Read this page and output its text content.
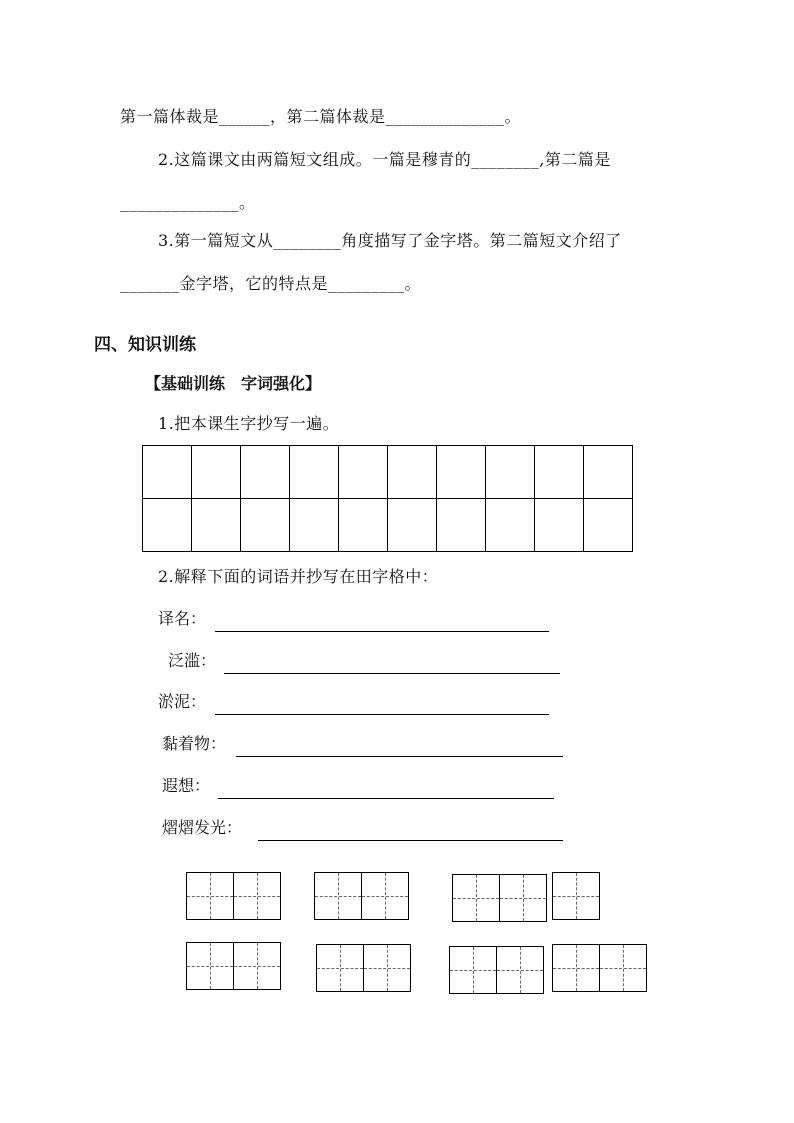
第一篇体裁是______，第二篇体裁是______________。
2.这篇课文由两篇短文组成。一篇是穆青的________,第二篇是
______________。
3.第一篇短文从________角度描写了金字塔。第二篇短文介绍了
_______金字塔，它的特点是_________。
四、知识训练
【基础训练　字词强化】
1.把本课生字抄写一遍。

2.解释下面的词语并抄写在田字格中：
译名：
泛滥：
淤泥：
黏着物：
遐想：
熠熠发光：
